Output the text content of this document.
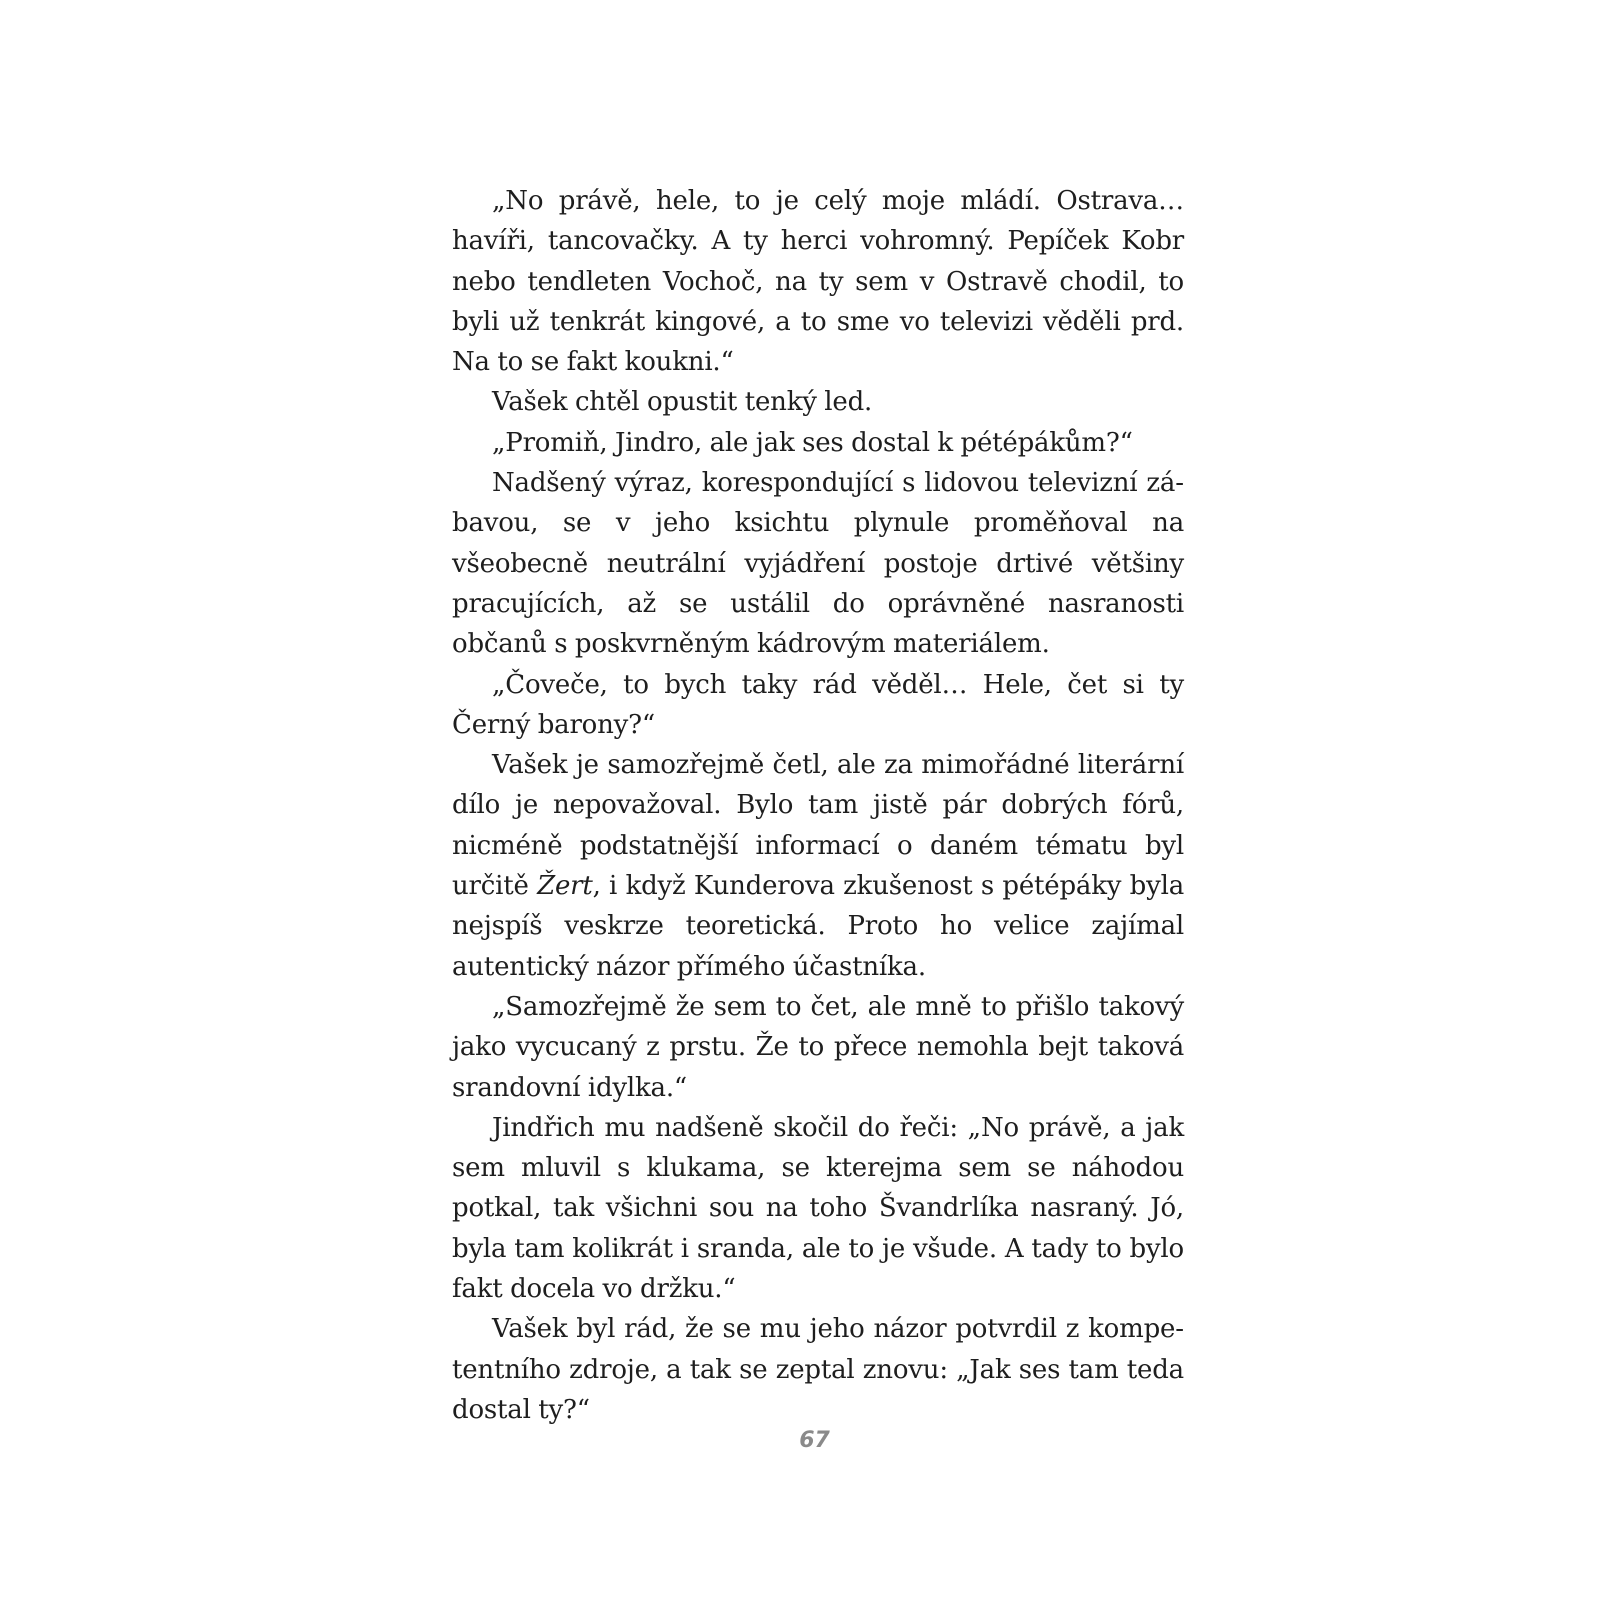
„No právě, hele, to je celý moje mládí. Ostrava… havíři, tancovačky. A ty herci vohromný. Pepíček Kobr nebo tendleten Vochoč, na ty sem v Ostravě chodil, to byli už tenkrát kingové, a to sme vo televizi věděli prd. Na to se fakt koukni.“

Vašek chtěl opustit tenký led.

„Promiň, Jindro, ale jak ses dostal k pétépákům?“

Nadšený výraz, korespondující s lidovou televizní zábavou, se v jeho ksichtu plynule proměňoval na všeobecně neutrální vyjádření postoje drtivé většiny pracujících, až se ustálil do oprávněné nasranosti občanů s poskvrněným kádrovým materiálem.

„Čoveče, to bych taky rád věděl… Hele, čet si ty Černý barony?“

Vašek je samozřejmě četl, ale za mimořádné literární dílo je nepovažoval. Bylo tam jistě pár dobrých fórů, nicméně podstatnější informací o daném tématu byl určitě Žert, i když Kunderova zkušenost s pétépáky byla nejspíš veskrze teoretická. Proto ho velice zajímal autentický názor přímého účastníka.

„Samozřejmě že sem to čet, ale mně to přišlo takový jako vycucaný z prstu. Že to přece nemohla bejt taková srandovní idylka.“

Jindřich mu nadšeně skočil do řeči: „No právě, a jak sem mluvil s klukama, se kterejma sem se náhodou potkal, tak všichni sou na toho Švandrlíka nasraný. Jó, byla tam kolikrát i sranda, ale to je všude. A tady to bylo fakt docela vo držku.“

Vašek byl rád, že se mu jeho názor potvrdil z kompetentního zdroje, a tak se zeptal znovu: „Jak ses tam teda dostal ty?“

67
